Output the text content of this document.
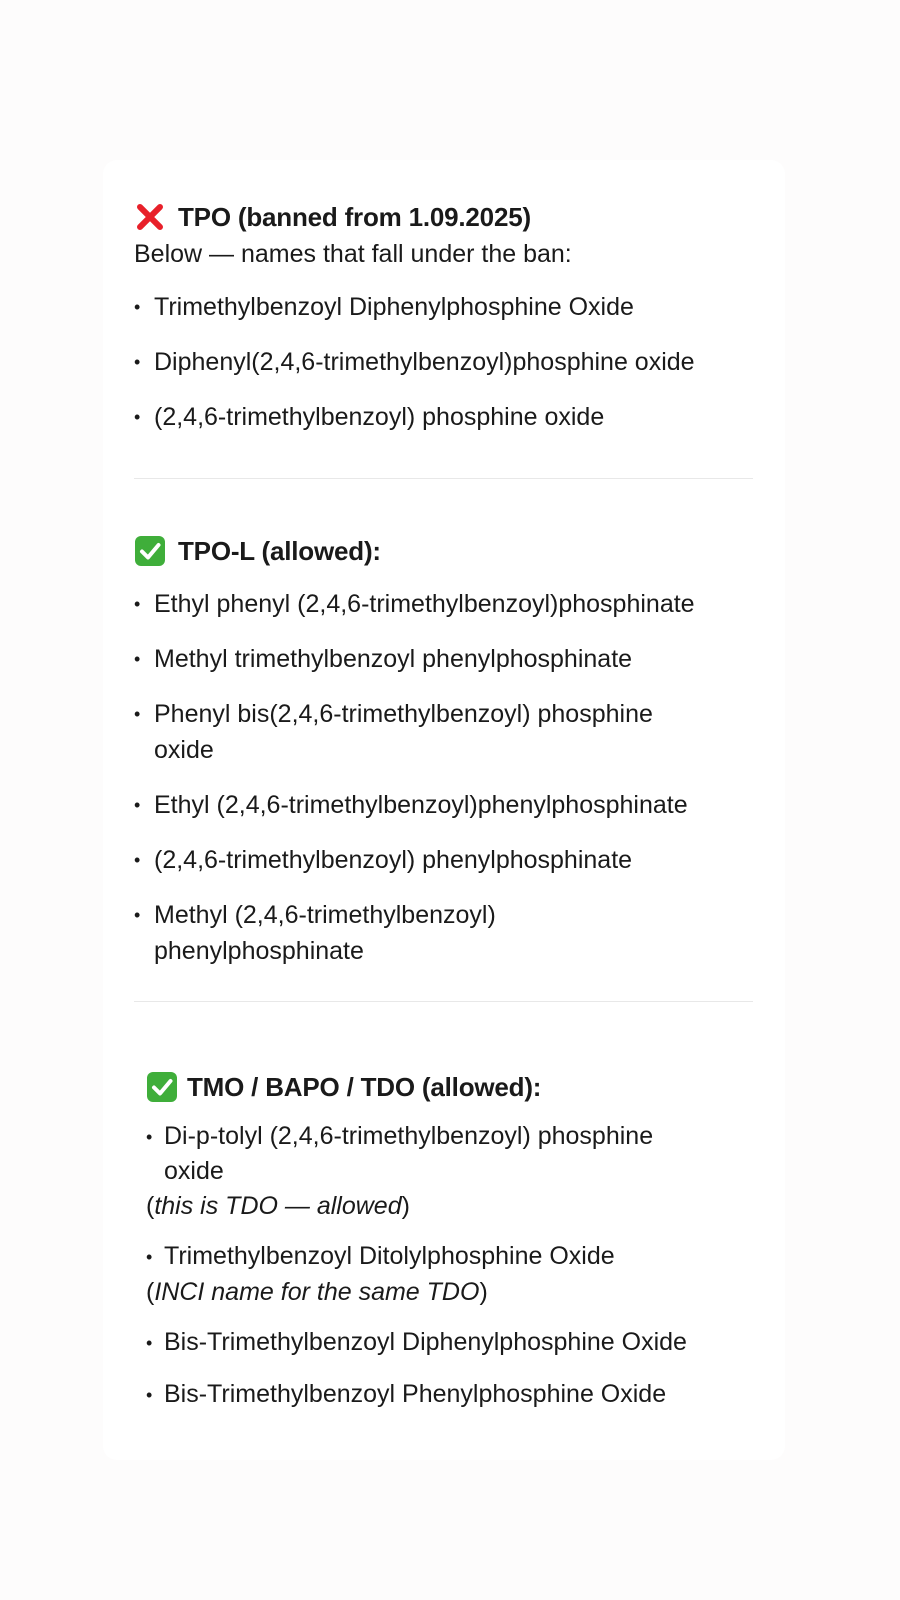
TPO (banned from 1.09.2025)
Below — names that fall under the ban:
• Trimethylbenzoyl Diphenylphosphine Oxide
• Diphenyl(2,4,6-trimethylbenzoyl)phosphine oxide
• (2,4,6-trimethylbenzoyl) phosphine oxide
TPO-L (allowed):
• Ethyl phenyl (2,4,6-trimethylbenzoyl)phosphinate
• Methyl trimethylbenzoyl phenylphosphinate
• Phenyl bis(2,4,6-trimethylbenzoyl) phosphine oxide
• Ethyl (2,4,6-trimethylbenzoyl)phenylphosphinate
• (2,4,6-trimethylbenzoyl) phenylphosphinate
• Methyl (2,4,6-trimethylbenzoyl) phenylphosphinate
TMO / BAPO / TDO (allowed):
• Di-p-tolyl (2,4,6-trimethylbenzoyl) phosphine oxide
(this is TDO — allowed)
• Trimethylbenzoyl Ditolylphosphine Oxide
(INCI name for the same TDO)
• Bis-Trimethylbenzoyl Diphenylphosphine Oxide
• Bis-Trimethylbenzoyl Phenylphosphine Oxide
